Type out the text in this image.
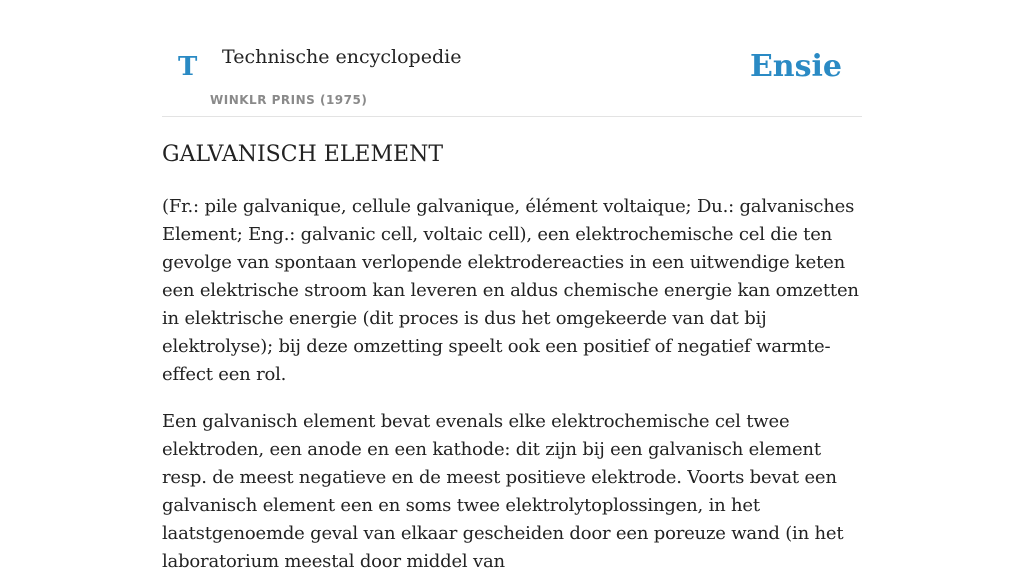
T Technische encyclopedie
WINKLR PRINS (1975)
Ensie
GALVANISCH ELEMENT

(Fr.: pile galvanique, cellule galvanique, élément voltaique; Du.: galvanisches Element; Eng.: galvanic cell, voltaic cell), een elektrochemische cel die ten gevolge van spontaan verlopende elektrodereacties in een uitwendige keten een elektrische stroom kan leveren en aldus chemische energie kan omzetten in elektrische energie (dit proces is dus het omgekeerde van dat bij elektrolyse); bij deze omzetting speelt ook een positief of negatief warmte-effect een rol.

Een galvanisch element bevat evenals elke elektrochemische cel twee elektroden, een anode en een kathode: dit zijn bij een galvanisch element resp. de meest negatieve en de meest positieve elektrode. Voorts bevat een galvanisch element een en soms twee elektrolytoplossingen, in het laatstgenoemde geval van elkaar gescheiden door een poreuze wand (in het laboratorium meestal door middel van
